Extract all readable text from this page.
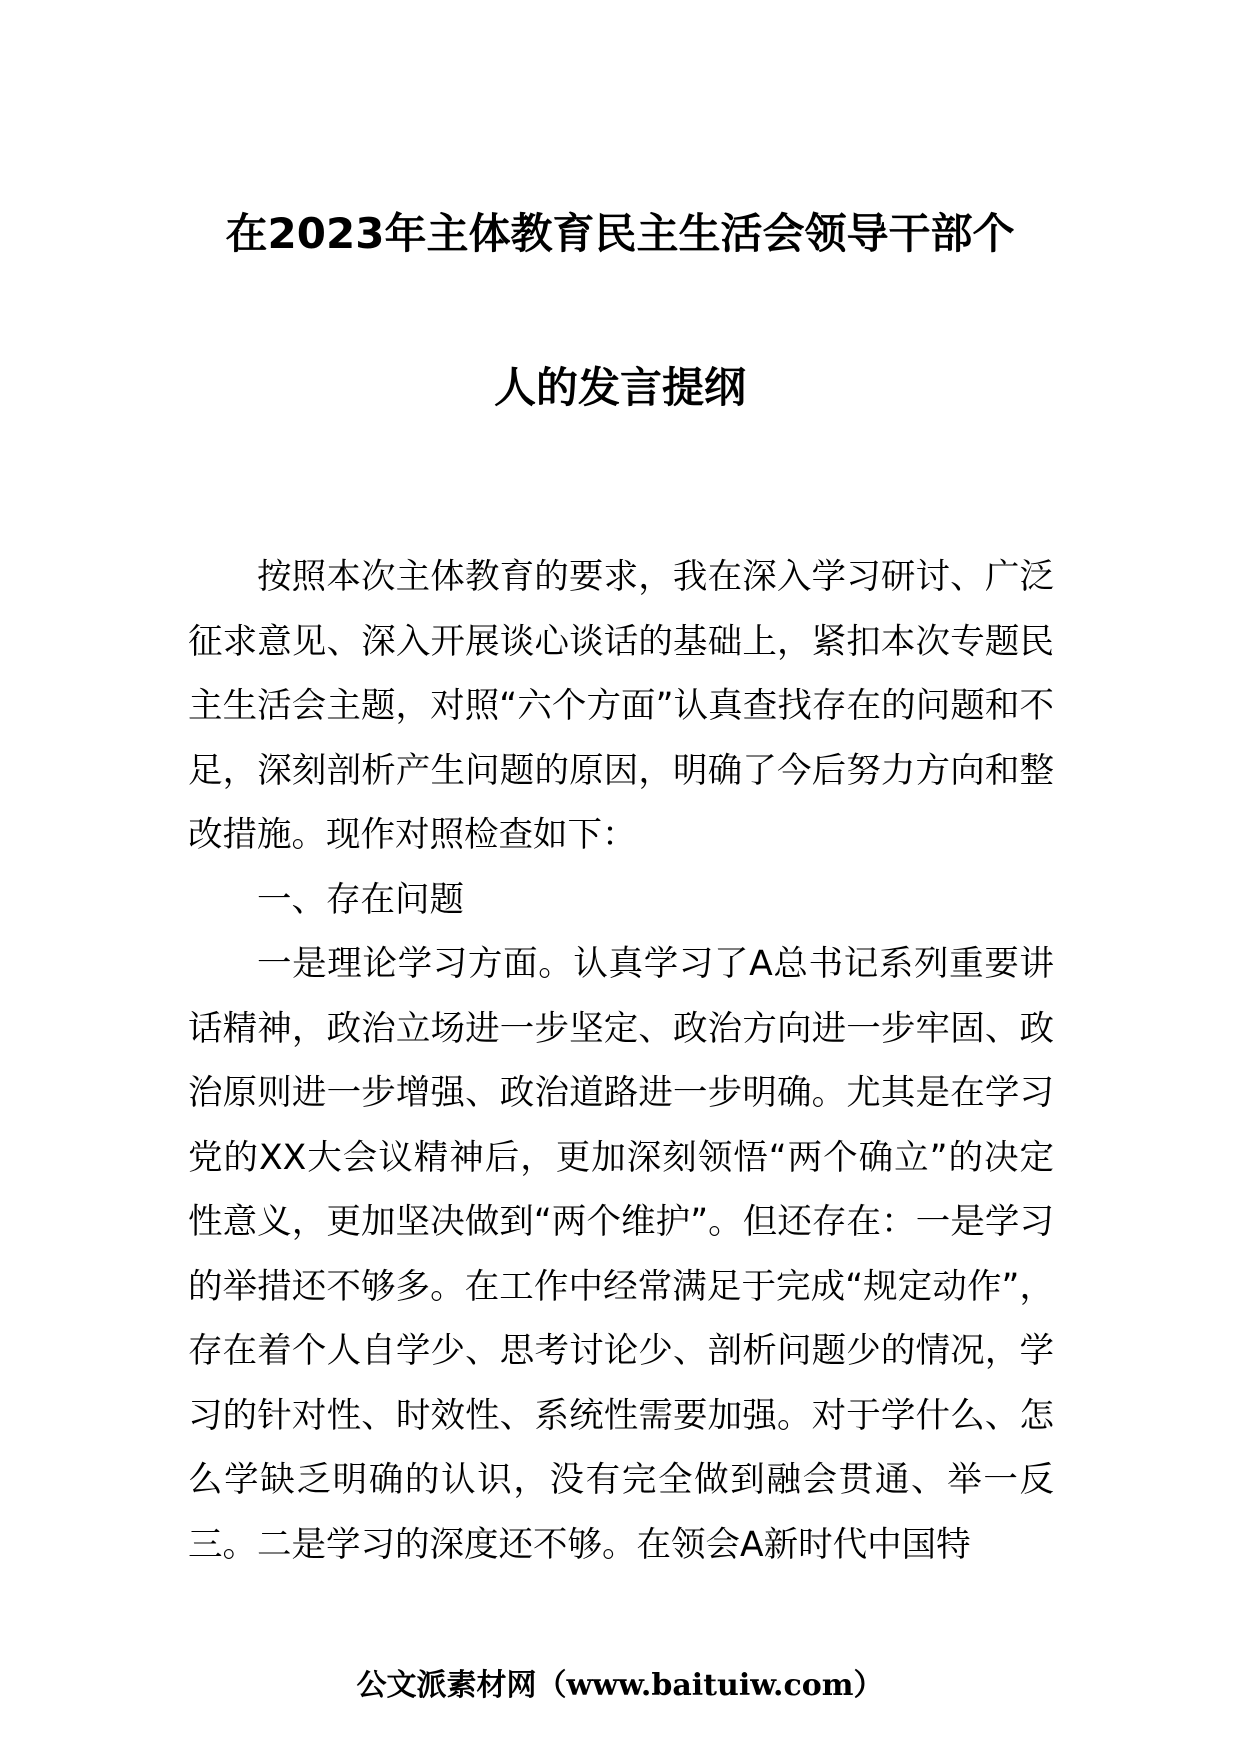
在2023年主体教育民主生活会领导干部个
人的发言提纲

按照本次主体教育的要求，我在深入学习研讨、广泛征求意见、深入开展谈心谈话的基础上，紧扣本次专题民主生活会主题，对照“六个方面”认真查找存在的问题和不足，深刻剖析产生问题的原因，明确了今后努力方向和整改措施。现作对照检查如下：

一、存在问题

一是理论学习方面。认真学习了A总书记系列重要讲话精神，政治立场进一步坚定、政治方向进一步牢固、政治原则进一步增强、政治道路进一步明确。尤其是在学习党的XX大会议精神后，更加深刻领悟“两个确立”的决定性意义，更加坚决做到“两个维护”。但还存在：一是学习的举措还不够多。在工作中经常满足于完成“规定动作”，存在着个人自学少、思考讨论少、剖析问题少的情况，学习的针对性、时效性、系统性需要加强。对于学什么、怎么学缺乏明确的认识，没有完全做到融会贯通、举一反三。二是学习的深度还不够。在领会A新时代中国特

公文派素材网（www.baituiw.com）
